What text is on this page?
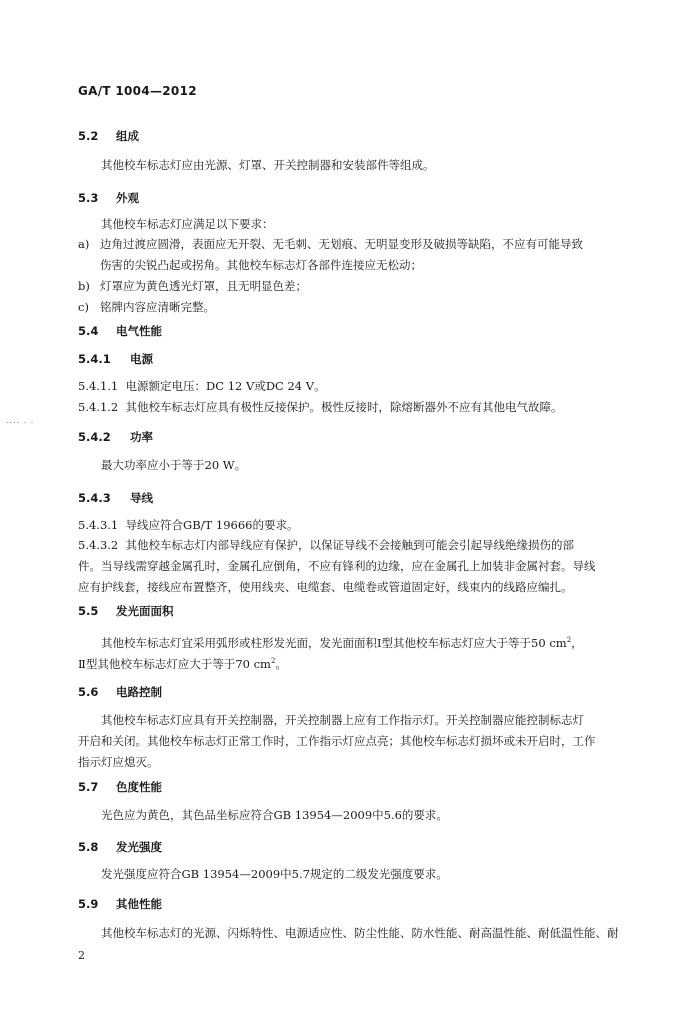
GA/T 1004—2012
5.2 组成
其他校车标志灯应由光源、灯罩、开关控制器和安装部件等组成。
5.3 外观
其他校车标志灯应满足以下要求：
a) 边角过渡应圆滑，表面应无开裂、无毛刺、无划痕、无明显变形及破损等缺陷，不应有可能导致
伤害的尖锐凸起或拐角。其他校车标志灯各部件连接应无松动；
b) 灯罩应为黄色透光灯罩，且无明显色差；
c) 铭牌内容应清晰完整。
5.4 电气性能
5.4.1 电源
5.4.1.1 电源额定电压：DC 12 V或DC 24 V。
5.4.1.2 其他校车标志灯应具有极性反接保护。极性反接时，除熔断器外不应有其他电气故障。
.... . .
5.4.2 功率
最大功率应小于等于20 W。
5.4.3 导线
5.4.3.1 导线应符合GB/T 19666的要求。
5.4.3.2 其他校车标志灯内部导线应有保护，以保证导线不会接触到可能会引起导线绝缘损伤的部
件。当导线需穿越金属孔时，金属孔应倒角，不应有锋利的边缘，应在金属孔上加装非金属衬套。导线
应有护线套，接线应布置整齐，使用线夹、电缆套、电缆卷或管道固定好，线束内的线路应编扎。
5.5 发光面面积
其他校车标志灯宜采用弧形或柱形发光面，发光面面积Ⅰ型其他校车标志灯应大于等于50 $cm^2$，
Ⅱ型其他校车标志灯应大于等于70 $cm^2$。
5.6 电路控制
其他校车标志灯应具有开关控制器，开关控制器上应有工作指示灯。开关控制器应能控制标志灯
开启和关闭。其他校车标志灯正常工作时，工作指示灯应点亮；其他校车标志灯损坏或未开启时，工作
指示灯应熄灭。
5.7 色度性能
光色应为黄色，其色品坐标应符合GB 13954—2009中5.6的要求。
5.8 发光强度
发光强度应符合GB 13954—2009中5.7规定的二级发光强度要求。
5.9 其他性能
其他校车标志灯的光源、闪烁特性、电源适应性、防尘性能、防水性能、耐高温性能、耐低温性能、耐
2
